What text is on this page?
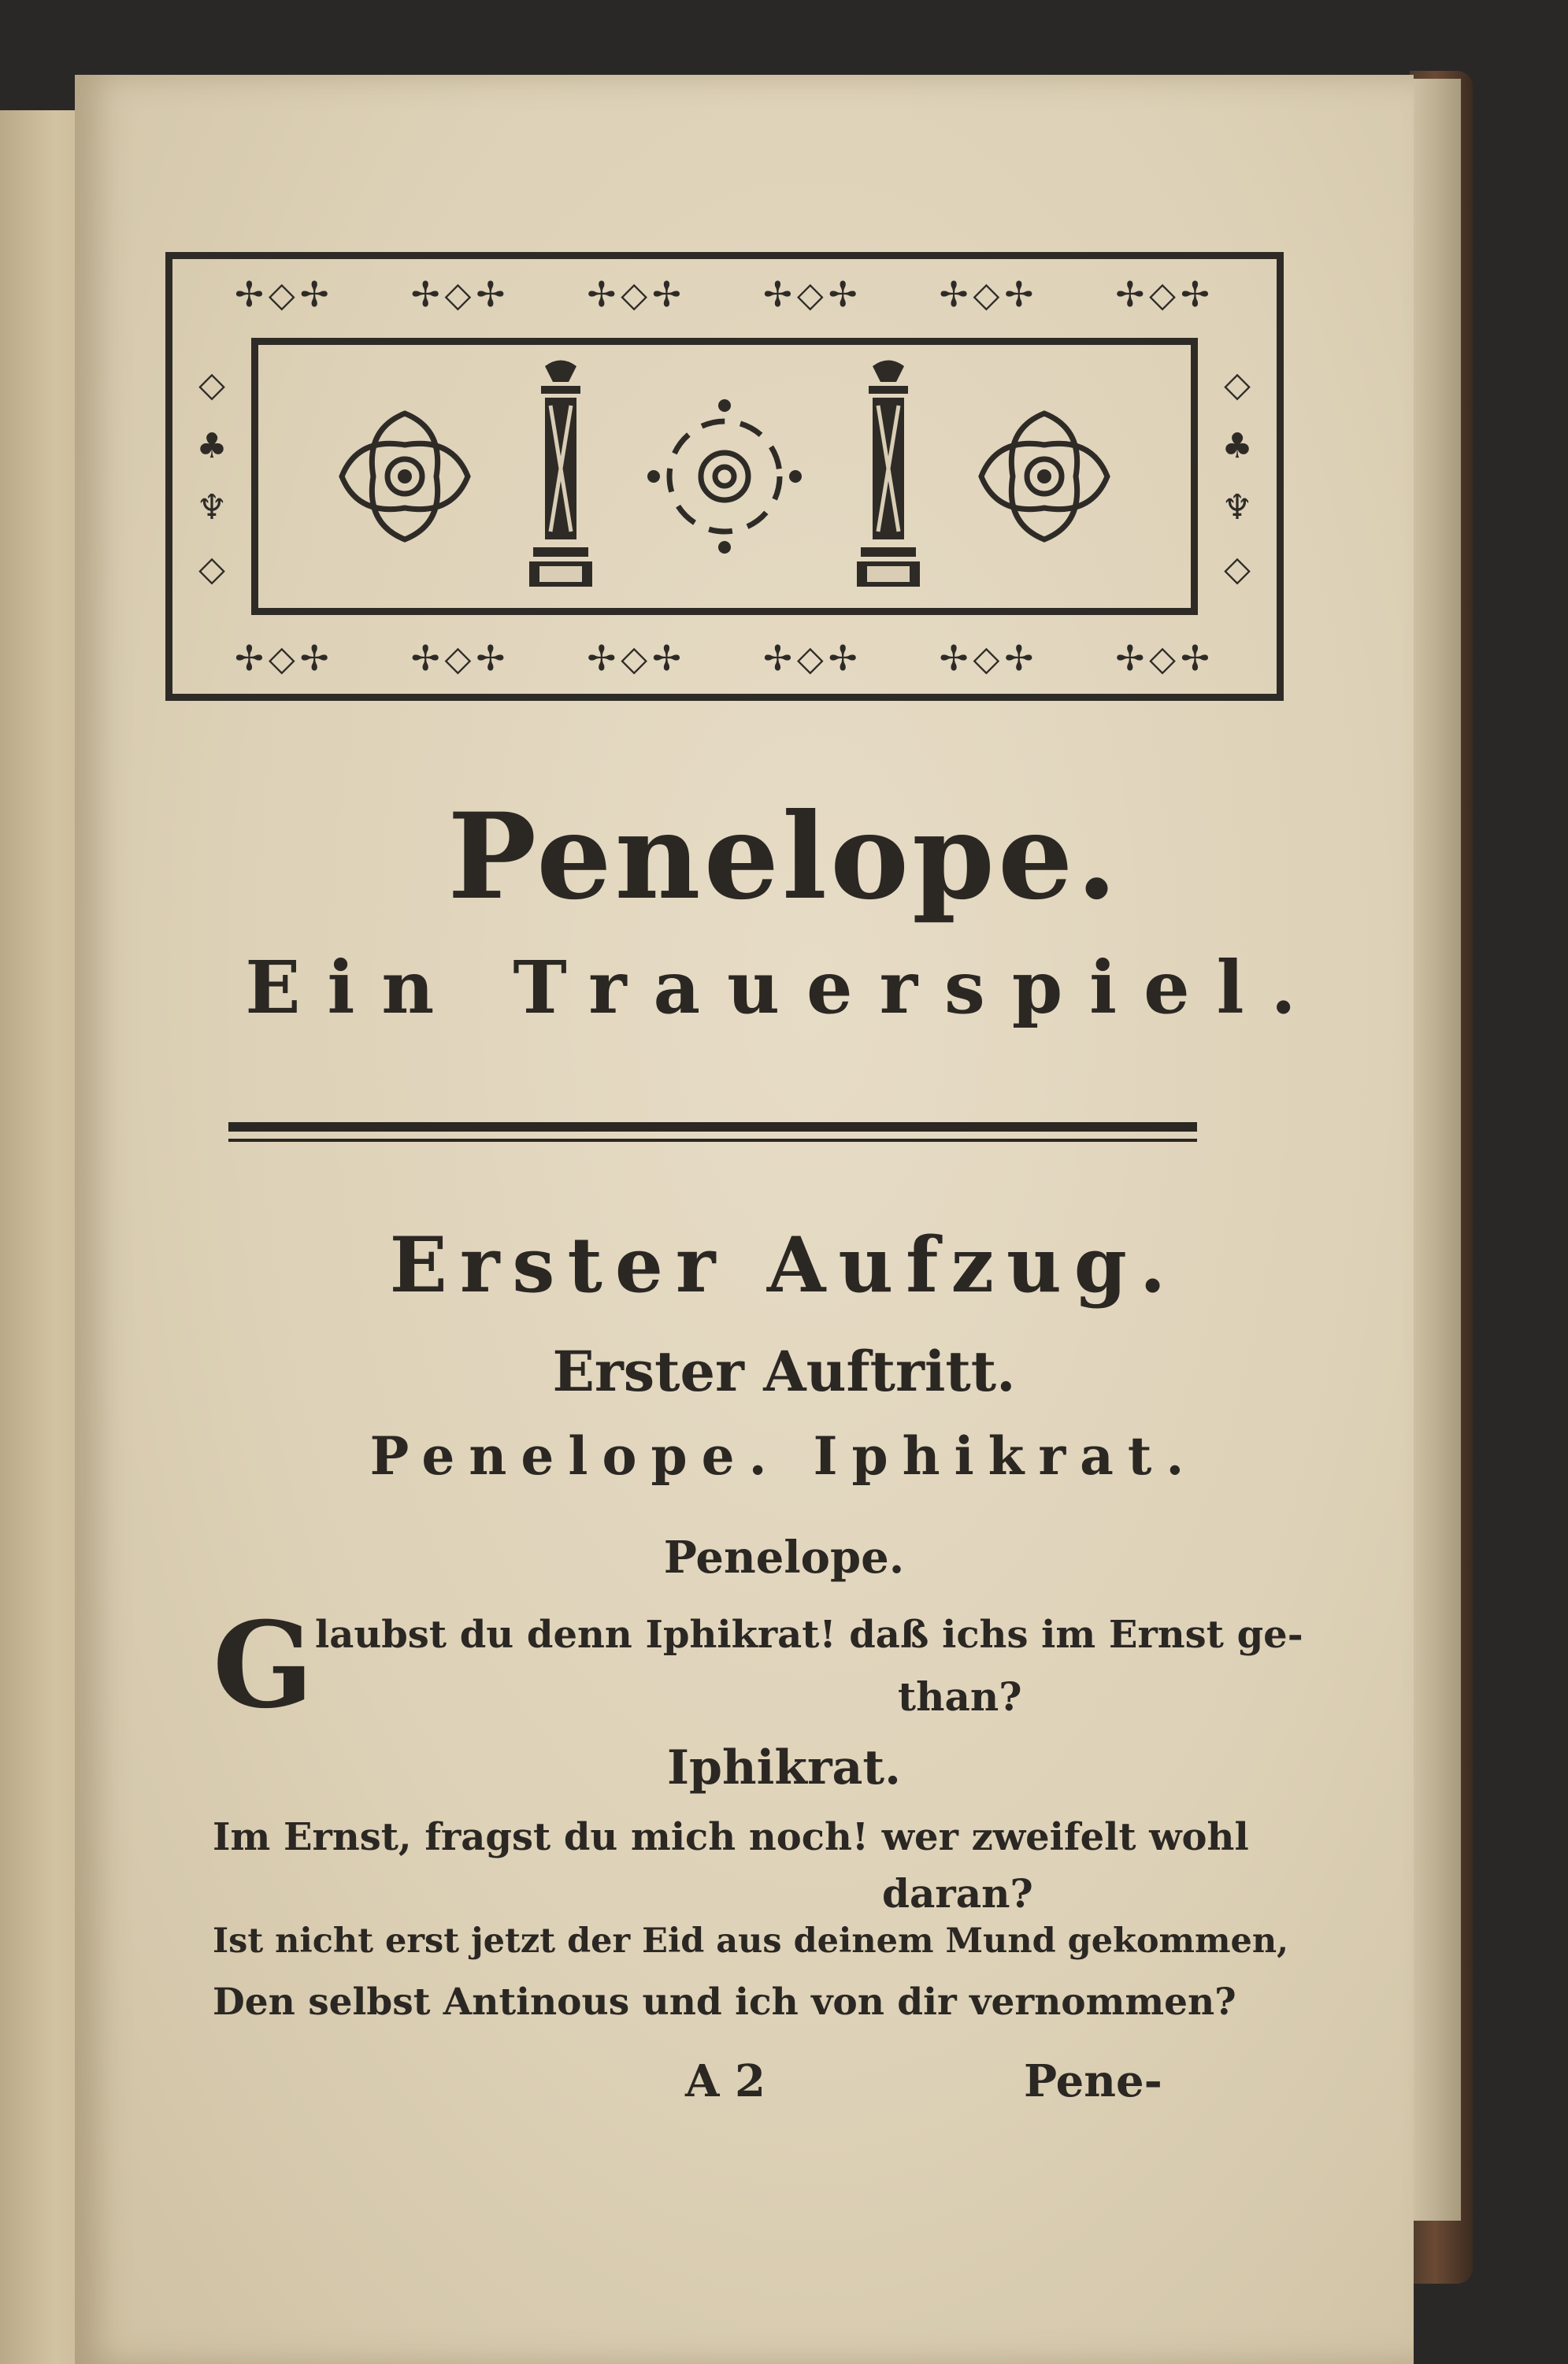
✢◇✢ ✢◇✢ ✢◇✢ ✢◇✢ ✢◇✢ ✢◇✢
✢◇✢ ✢◇✢ ✢◇✢ ✢◇✢ ✢◇✢ ✢◇✢
◇
♣
♆
◇
◇
♣
♆
◇
Penelope.
Ein Trauerspiel.
Erster Aufzug.
Erster Auftritt.
Penelope. Iphikrat.
Penelope.
G laubst du denn Iphikrat! daß ichs im Ernst ge-
than?
Iphikrat.
Im Ernst, fragst du mich noch! wer zweifelt wohl
daran?
Ist nicht erst jetzt der Eid aus deinem Mund gekommen,
Den selbst Antinous und ich von dir vernommen?
A 2	Pene-
